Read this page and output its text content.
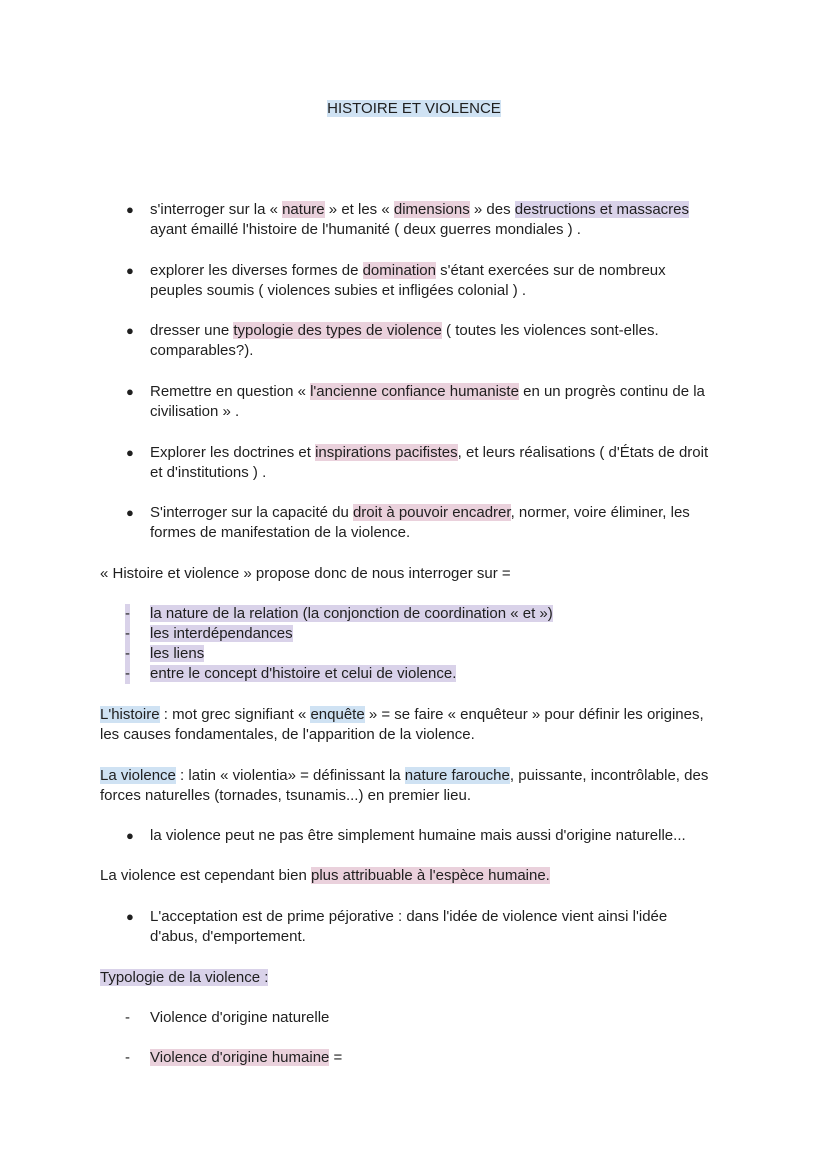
HISTOIRE ET VIOLENCE
● s'interroger sur la « nature » et les « dimensions » des destructions et massacres
ayant émaillé l'histoire de l'humanité ( deux guerres mondiales ) .
● explorer les diverses formes de domination s'étant exercées sur de nombreux
peuples soumis ( violences subies et infligées colonial ) .
● dresser une typologie des types de violence ( toutes les violences sont-elles.
comparables?).
● Remettre en question « l'ancienne confiance humaniste en un progrès continu de la
civilisation » .
● Explorer les doctrines et inspirations pacifistes, et leurs réalisations ( d'États de droit
et d'institutions ) .
● S'interroger sur la capacité du droit à pouvoir encadrer, normer, voire éliminer, les
formes de manifestation de la violence.
« Histoire et violence » propose donc de nous interroger sur =
- la nature de la relation (la conjonction de coordination « et »)
- les interdépendances
- les liens
- entre le concept d'histoire et celui de violence.
L'histoire : mot grec signifiant « enquête » = se faire « enquêteur » pour définir les origines,
les causes fondamentales, de l'apparition de la violence.
La violence : latin « violentia» = définissant la nature farouche, puissante, incontrôlable, des
forces naturelles (tornades, tsunamis...) en premier lieu.
● la violence peut ne pas être simplement humaine mais aussi d'origine naturelle...
La violence est cependant bien plus attribuable à l'espèce humaine.
● L'acceptation est de prime péjorative : dans l'idée de violence vient ainsi l'idée
d'abus, d'emportement.
Typologie de la violence :
- Violence d'origine naturelle
- Violence d'origine humaine =
